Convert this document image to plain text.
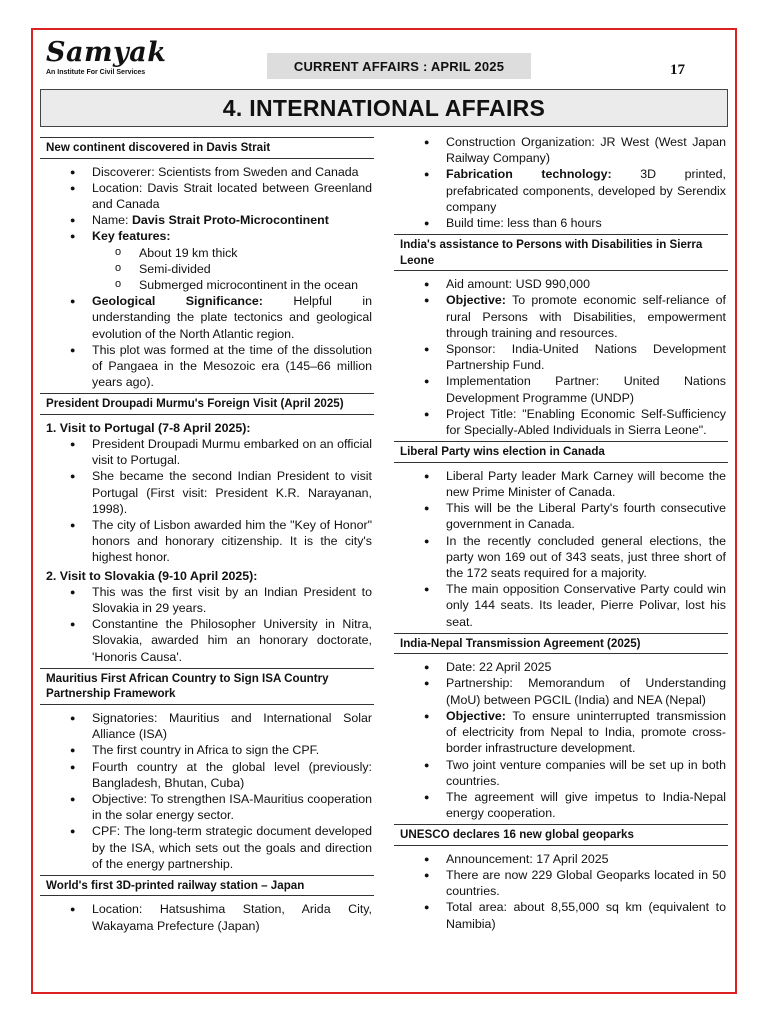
Samyak
An Institute For Civil Services	CURRENT AFFAIRS : APRIL 2025	17
4. INTERNATIONAL AFFAIRS
New continent discovered in Davis Strait
● Discoverer: Scientists from Sweden and Canada
● Location: Davis Strait located between Greenland and Canada
● Name: Davis Strait Proto-Microcontinent
● Key features:
o About 19 km thick
o Semi-divided
o Submerged microcontinent in the ocean
● Geological Significance: Helpful in understanding the plate tectonics and geological evolution of the North Atlantic region.
● This plot was formed at the time of the dissolution of Pangaea in the Mesozoic era (145–66 million years ago).
President Droupadi Murmu's Foreign Visit (April 2025)
1. Visit to Portugal (7-8 April 2025):
● President Droupadi Murmu embarked on an official visit to Portugal.
● She became the second Indian President to visit Portugal (First visit: President K.R. Narayanan, 1998).
● The city of Lisbon awarded him the "Key of Honor" honors and honorary citizenship. It is the city's highest honor.
2. Visit to Slovakia (9-10 April 2025):
● This was the first visit by an Indian President to Slovakia in 29 years.
● Constantine the Philosopher University in Nitra, Slovakia, awarded him an honorary doctorate, 'Honoris Causa'.
Mauritius First African Country to Sign ISA Country Partnership Framework
● Signatories: Mauritius and International Solar Alliance (ISA)
● The first country in Africa to sign the CPF.
● Fourth country at the global level (previously: Bangladesh, Bhutan, Cuba)
● Objective: To strengthen ISA-Mauritius cooperation in the solar energy sector.
● CPF: The long-term strategic document developed by the ISA, which sets out the goals and direction of the energy partnership.
World's first 3D-printed railway station – Japan
● Location: Hatsushima Station, Arida City, Wakayama Prefecture (Japan)
● Construction Organization: JR West (West Japan Railway Company)
● Fabrication technology: 3D printed, prefabricated components, developed by Serendix company
● Build time: less than 6 hours
India's assistance to Persons with Disabilities in Sierra Leone
● Aid amount: USD 990,000
● Objective: To promote economic self-reliance of rural Persons with Disabilities, empowerment through training and resources.
● Sponsor: India-United Nations Development Partnership Fund.
● Implementation Partner: United Nations Development Programme (UNDP)
● Project Title: "Enabling Economic Self-Sufficiency for Specially-Abled Individuals in Sierra Leone".
Liberal Party wins election in Canada
● Liberal Party leader Mark Carney will become the new Prime Minister of Canada.
● This will be the Liberal Party's fourth consecutive government in Canada.
● In the recently concluded general elections, the party won 169 out of 343 seats, just three short of the 172 seats required for a majority.
● The main opposition Conservative Party could win only 144 seats. Its leader, Pierre Polivar, lost his seat.
India-Nepal Transmission Agreement (2025)
● Date: 22 April 2025
● Partnership: Memorandum of Understanding (MoU) between PGCIL (India) and NEA (Nepal)
● Objective: To ensure uninterrupted transmission of electricity from Nepal to India, promote cross-border infrastructure development.
● Two joint venture companies will be set up in both countries.
● The agreement will give impetus to India-Nepal energy cooperation.
UNESCO declares 16 new global geoparks
● Announcement: 17 April 2025
● There are now 229 Global Geoparks located in 50 countries.
● Total area: about 8,55,000 sq km (equivalent to Namibia)
